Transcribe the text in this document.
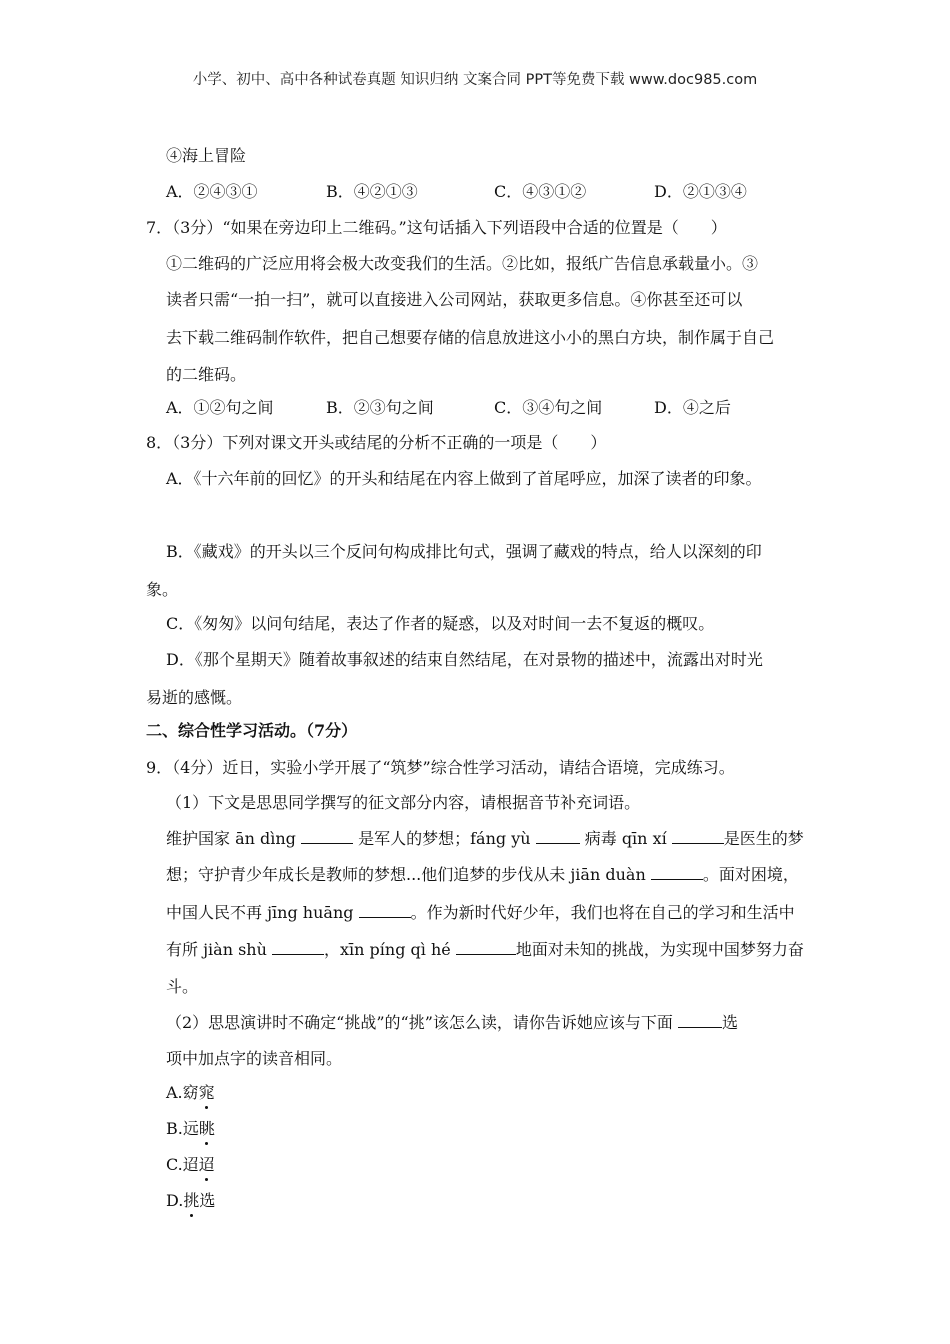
小学、初中、高中各种试卷真题 知识归纳 文案合同 PPT等免费下载 www.doc985.com
④海上冒险
A．②④③①	B．④②①③	C．④③①②	D．②①③④
7．（3分）“如果在旁边印上二维码。”这句话插入下列语段中合适的位置是（　　）
①二维码的广泛应用将会极大改变我们的生活。②比如，报纸广告信息承载量小。③
读者只需“一拍一扫”，就可以直接进入公司网站，获取更多信息。④你甚至还可以
去下载二维码制作软件，把自己想要存储的信息放进这小小的黑白方块，制作属于自己
的二维码。
A．①②句之间	B．②③句之间	C．③④句之间	D．④之后
8．（3分）下列对课文开头或结尾的分析不正确的一项是（　　）
A．《十六年前的回忆》的开头和结尾在内容上做到了首尾呼应，加深了读者的印象。
B．《藏戏》的开头以三个反问句构成排比句式，强调了藏戏的特点，给人以深刻的印
象。
C．《匆匆》以问句结尾，表达了作者的疑惑，以及对时间一去不复返的概叹。
D．《那个星期天》随着故事叙述的结束自然结尾，在对景物的描述中，流露出对时光
易逝的感慨。
二、综合性学习活动。（7分）
9．（4分）近日，实验小学开展了“筑梦”综合性学习活动，请结合语境，完成练习。
（1）下文是思思同学撰写的征文部分内容，请根据音节补充词语。
维护国家 ān dìng	是军人的梦想；fáng yù	病毒 qīn xí	是医生的梦
想；守护青少年成长是教师的梦想...他们追梦的步伐从未 jiān duàn	。面对困境，
中国人民不再 jīng huāng	。作为新时代好少年，我们也将在自己的学习和生活中
有所 jiàn shù	，xīn píng qì hé	地面对未知的挑战，为实现中国梦努力奋
斗。
（2）思思演讲时不确定“挑战”的“挑”该怎么读，请你告诉她应该与下面	选
项中加点字的读音相同。
A.窈窕
B.远眺
C.迢迢
D.挑选
